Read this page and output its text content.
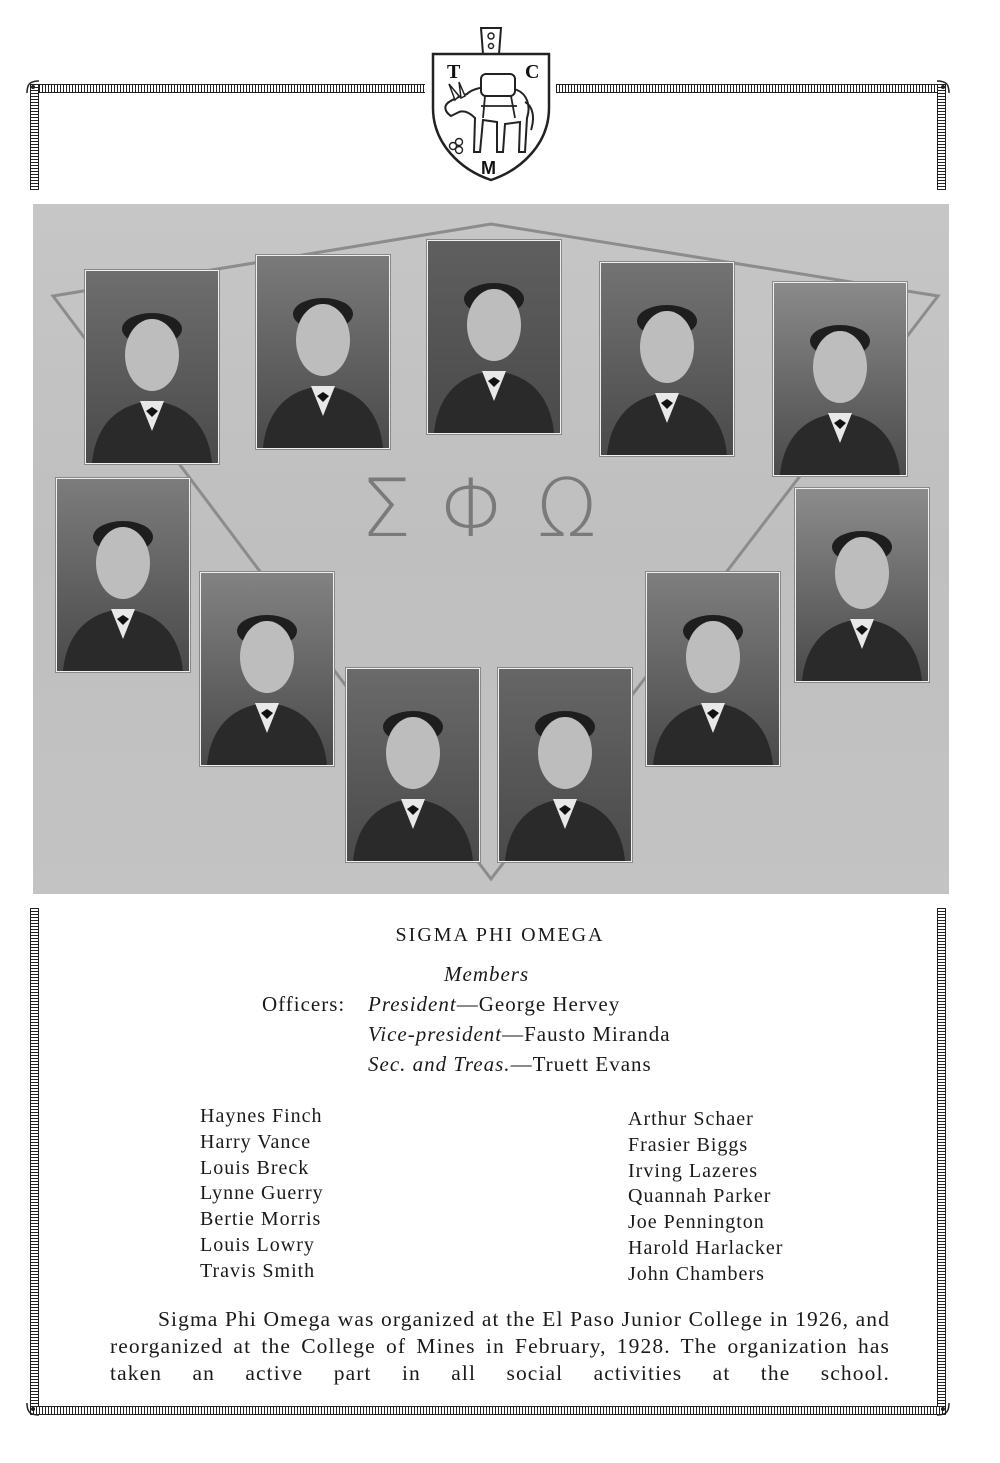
T	C
M
ΣΦΩ
SIGMA PHI OMEGA
Members
Officers: President—George Hervey
Vice-president—Fausto Miranda
Sec. and Treas.—Truett Evans
Haynes Finch
Harry Vance
Louis Breck
Lynne Guerry
Bertie Morris
Louis Lowry
Travis Smith
Arthur Schaer
Frasier Biggs
Irving Lazeres
Quannah Parker
Joe Pennington
Harold Harlacker
John Chambers
Sigma Phi Omega was organized at the El Paso Junior College in 1926, and reorganized at the College of Mines in February, 1928. The organization has taken an active part in all social activities at the school.
